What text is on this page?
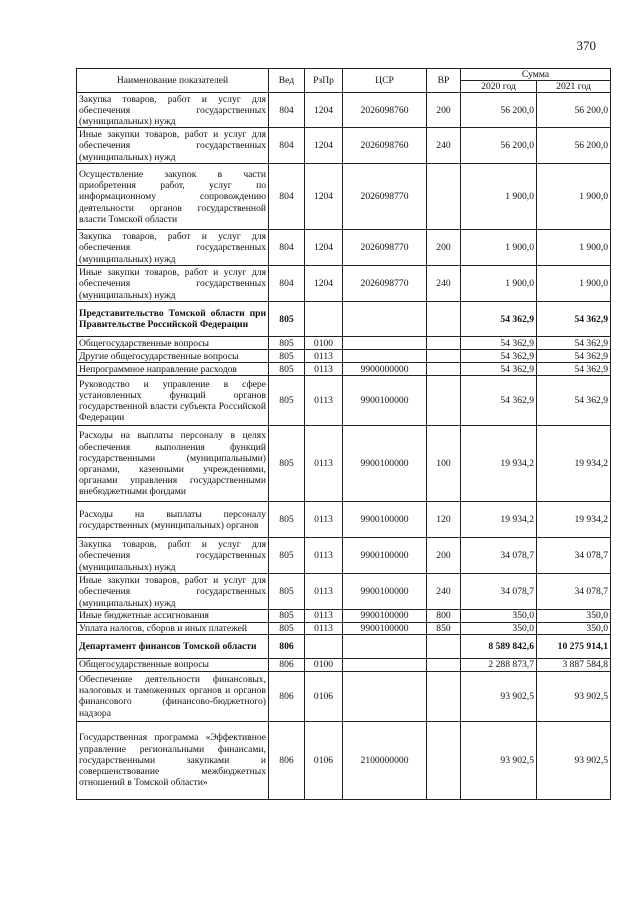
370
Наименование показателей	Вед	РзПр	ЦСР	ВР	Сумма	
					2020 год	2021 год
Закупка товаров, работ и услуг для обеспечения государственных (муниципальных) нужд	804	1204	2026098760	200	56 200,0	56 200,0
Иные закупки товаров, работ и услуг для обеспечения государственных (муниципальных) нужд	804	1204	2026098760	240	56 200,0	56 200,0
Осуществление закупок в части приобретения работ, услуг по информационному сопровождению деятельности органов государственной власти Томской области	804	1204	2026098770		1 900,0	1 900,0
Закупка товаров, работ и услуг для обеспечения государственных (муниципальных) нужд	804	1204	2026098770	200	1 900,0	1 900,0
Иные закупки товаров, работ и услуг для обеспечения государственных (муниципальных) нужд	804	1204	2026098770	240	1 900,0	1 900,0
Представительство Томской области при Правительстве Российской Федерации	805				54 362,9	54 362,9
Общегосударственные вопросы	805	0100			54 362,9	54 362,9
Другие общегосударственные вопросы	805	0113			54 362,9	54 362,9
Непрограммное направление расходов	805	0113	9900000000		54 362,9	54 362,9
Руководство и управление в сфере установленных функций органов государственной власти субъекта Российской Федерации	805	0113	9900100000		54 362,9	54 362,9
Расходы на выплаты персоналу в целях обеспечения выполнения функций государственными (муниципальными) органами, казенными учреждениями, органами управления государственными внебюджетными фондами	805	0113	9900100000	100	19 934,2	19 934,2
Расходы на выплаты персоналу государственных (муниципальных) органов	805	0113	9900100000	120	19 934,2	19 934,2
Закупка товаров, работ и услуг для обеспечения государственных (муниципальных) нужд	805	0113	9900100000	200	34 078,7	34 078,7
Иные закупки товаров, работ и услуг для обеспечения государственных (муниципальных) нужд	805	0113	9900100000	240	34 078,7	34 078,7
Иные бюджетные ассигнования	805	0113	9900100000	800	350,0	350,0
Уплата налогов, сборов и иных платежей	805	0113	9900100000	850	350,0	350,0
Департамент финансов Томской области	806				8 589 842,6	10 275 914,1
Общегосударственные вопросы	806	0100			2 288 873,7	3 887 584,8
Обеспечение деятельности финансовых, налоговых и таможенных органов и органов финансового (финансово-бюджетного) надзора	806	0106			93 902,5	93 902,5
Государственная программа «Эффективное управление региональными финансами, государственными закупками и совершенствование межбюджетных отношений в Томской области»	806	0106	2100000000		93 902,5	93 902,5
